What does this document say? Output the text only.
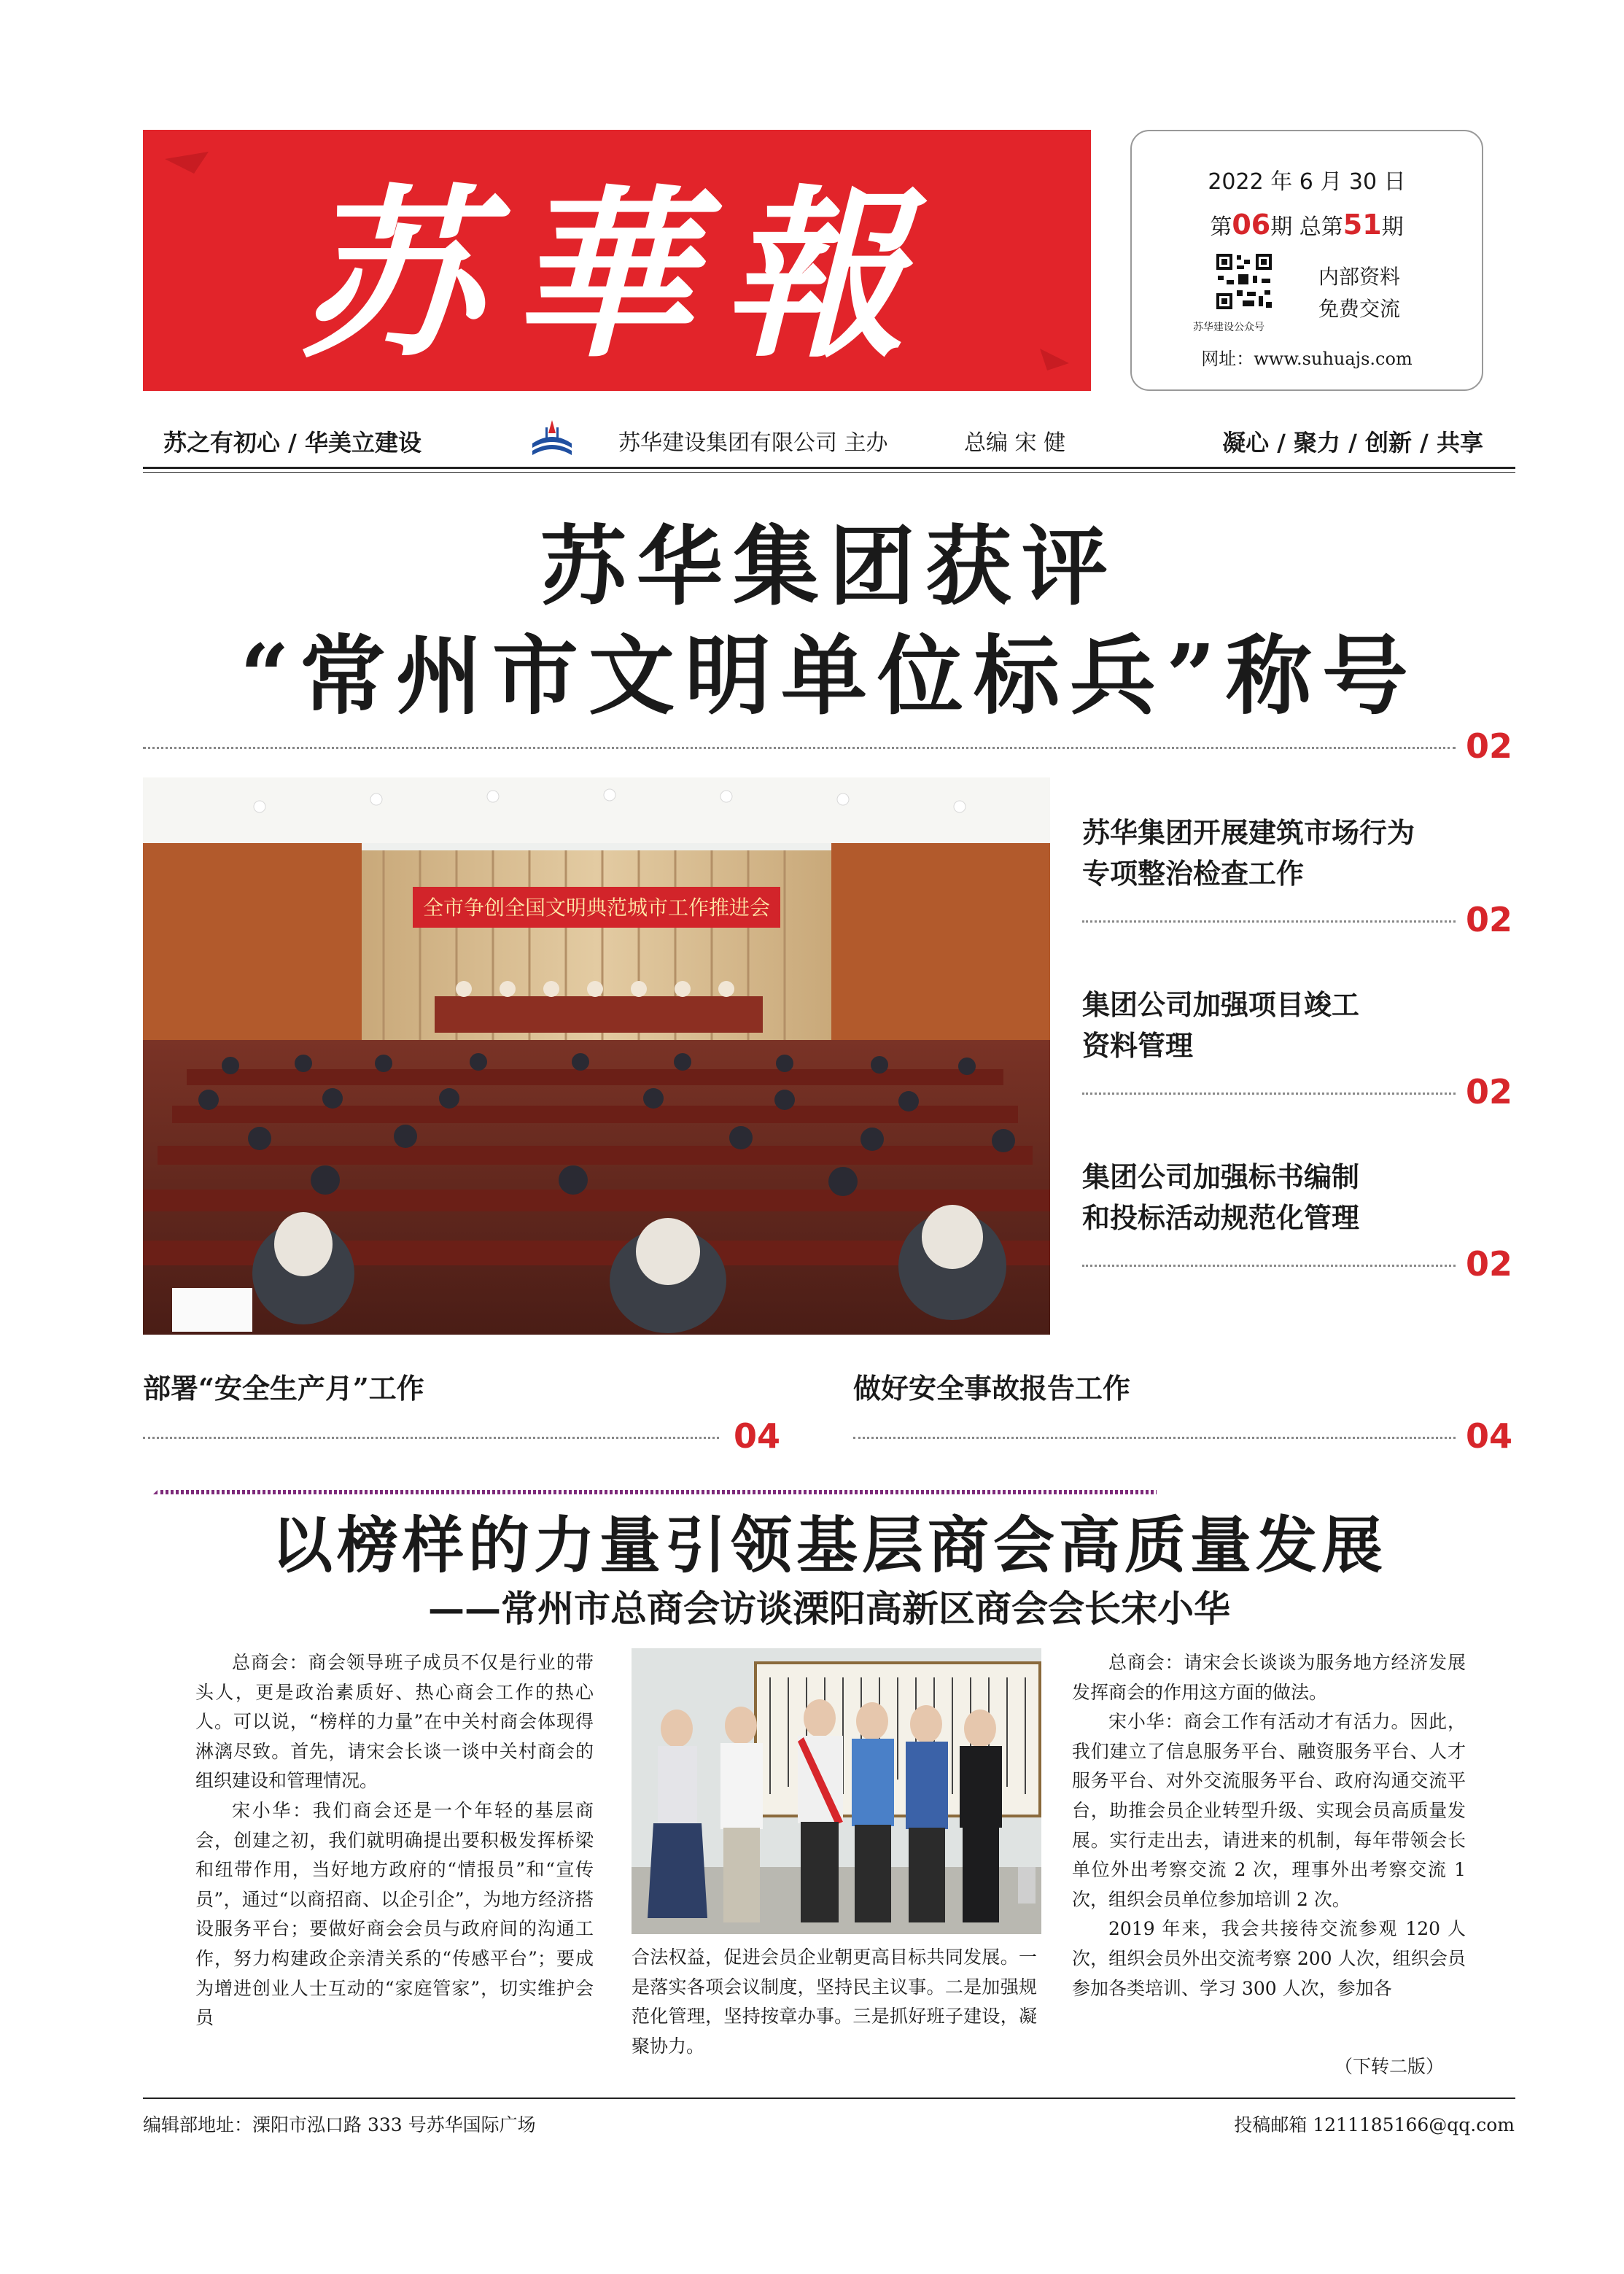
苏華報	2022 年 6 月 30 日
第06期 总第51期
内部资料
免费交流
苏华建设公众号
网址：www.suhuajs.com
苏之有初心 / 华美立建设	苏华建设集团有限公司 主办	总编 宋 健	凝心 / 聚力 / 创新 / 共享
苏华集团获评
“常州市文明单位标兵”称号
02
全市争创全国文明典范城市工作推进会
苏华集团开展建筑市场行为
专项整治检查工作
02
集团公司加强项目竣工
资料管理
02
集团公司加强标书编制
和投标活动规范化管理
02
部署“安全生产月”工作
04
做好安全事故报告工作
04
以榜样的力量引领基层商会高质量发展
——常州市总商会访谈溧阳高新区商会会长宋小华

总商会：商会领导班子成员不仅是行业的带头人，更是政治素质好、热心商会工作的热心人。可以说，“榜样的力量”在中关村商会体现得淋漓尽致。首先，请宋会长谈一谈中关村商会的组织建设和管理情况。

宋小华：我们商会还是一个年轻的基层商会，创建之初，我们就明确提出要积极发挥桥梁和纽带作用，当好地方政府的“情报员”和“宣传员”，通过“以商招商、以企引企”，为地方经济搭设服务平台；要做好商会会员与政府间的沟通工作，努力构建政企亲清关系的“传感平台”；要成为增进创业人士互动的“家庭管家”，切实维护会员

合法权益，促进会员企业朝更高目标共同发展。一是落实各项会议制度，坚持民主议事。二是加强规范化管理，坚持按章办事。三是抓好班子建设，凝聚协力。

总商会：请宋会长谈谈为服务地方经济发展发挥商会的作用这方面的做法。

宋小华：商会工作有活动才有活力。因此，我们建立了信息服务平台、融资服务平台、人才服务平台、对外交流服务平台、政府沟通交流平台，助推会员企业转型升级、实现会员高质量发展。实行走出去，请进来的机制，每年带领会长单位外出考察交流 2 次，理事外出考察交流 1 次，组织会员单位参加培训 2 次。

2019 年来，我会共接待交流参观 120 人次，组织会员外出交流考察 200 人次，组织会员参加各类培训、学习 300 人次，参加各

（下转二版）
编辑部地址：溧阳市泓口路 333 号苏华国际广场	投稿邮箱 1211185166@qq.com
